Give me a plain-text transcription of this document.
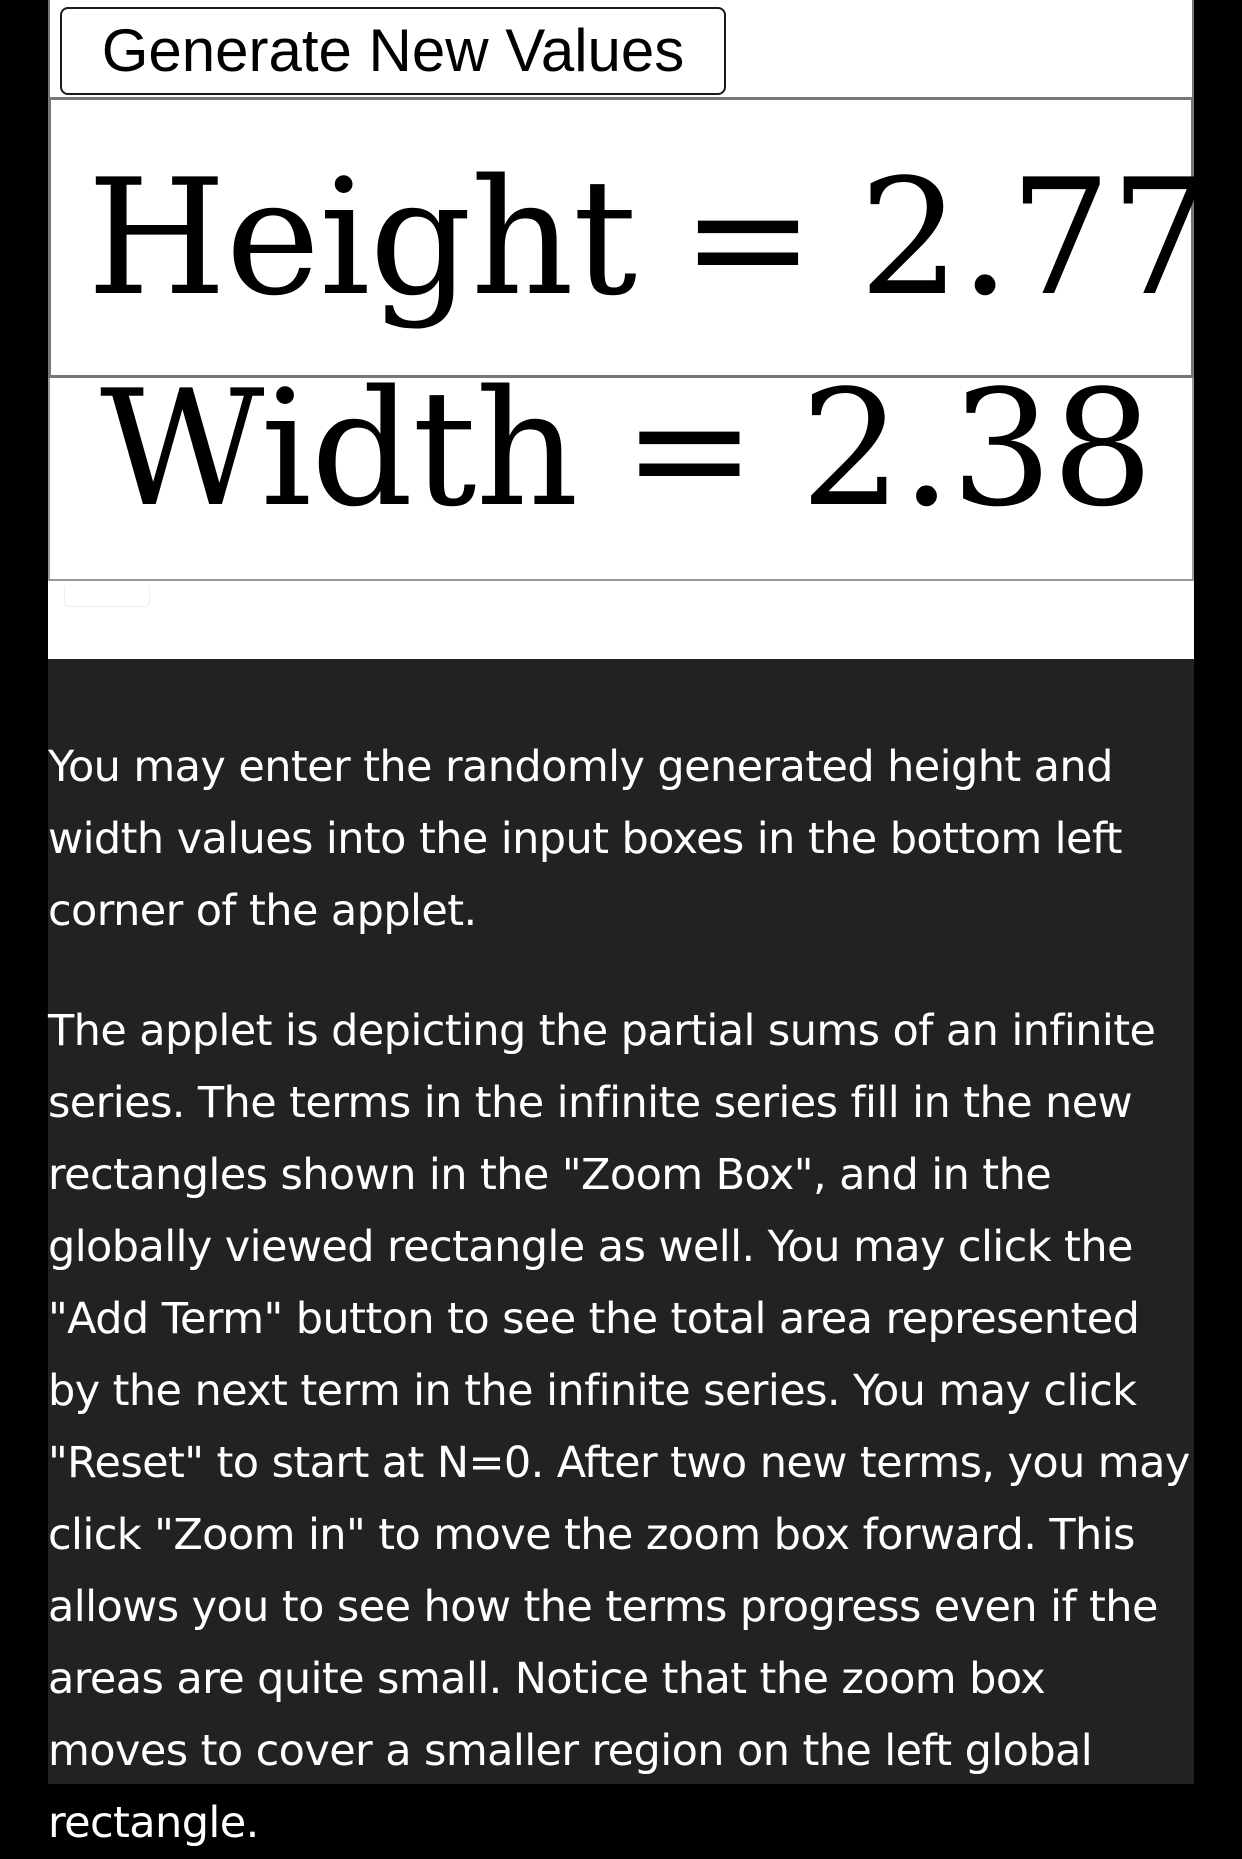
Generate New Values
Height = 2.77
Width = 2.38

You may enter the randomly generated height and width values into the input boxes in the bottom left corner of the applet.

The applet is depicting the partial sums of an infinite series. The terms in the infinite series fill in the new rectangles shown in the "Zoom Box", and in the globally viewed rectangle as well. You may click the "Add Term" button to see the total area represented by the next term in the infinite series. You may click "Reset" to start at N=0. After two new terms, you may click "Zoom in" to move the zoom box forward. This allows you to see how the terms progress even if the areas are quite small. Notice that the zoom box moves to cover a smaller region on the left global rectangle.
